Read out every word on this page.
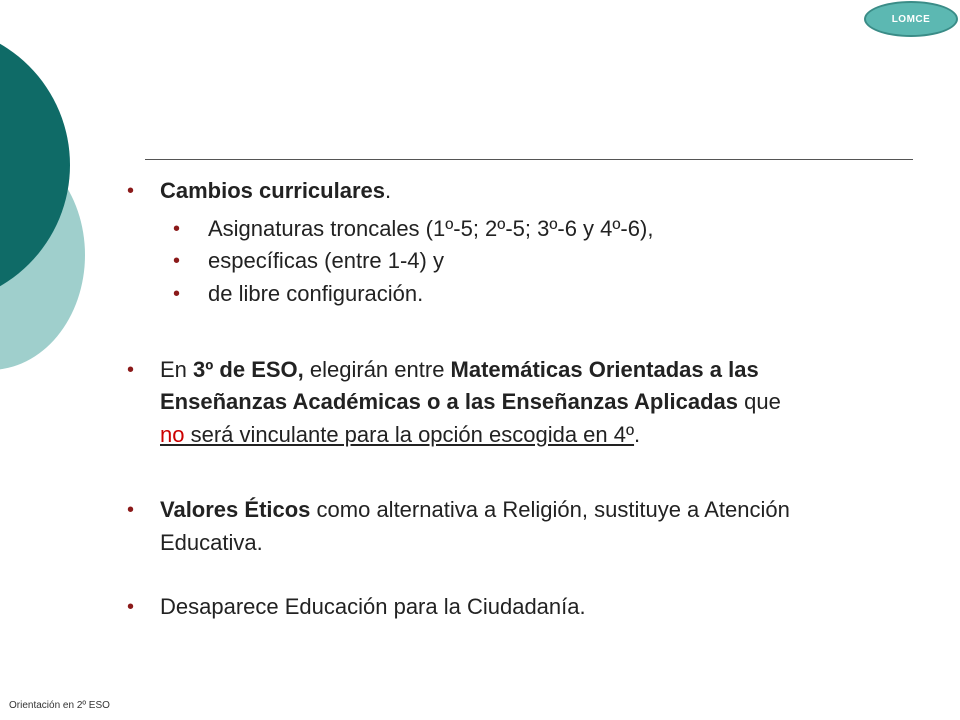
LOMCE
• Cambios curriculares.
• Asignaturas troncales (1º-5; 2º-5; 3º-6 y 4º-6),
• específicas (entre 1-4) y
• de libre configuración.
• En 3º de ESO, elegirán entre Matemáticas Orientadas a las
Enseñanzas Académicas o a las Enseñanzas Aplicadas que
no será vinculante para la opción escogida en 4º.
• Valores Éticos como alternativa a Religión, sustituye a Atención
Educativa.
• Desaparece Educación para la Ciudadanía.
Orientación en 2º ESO
